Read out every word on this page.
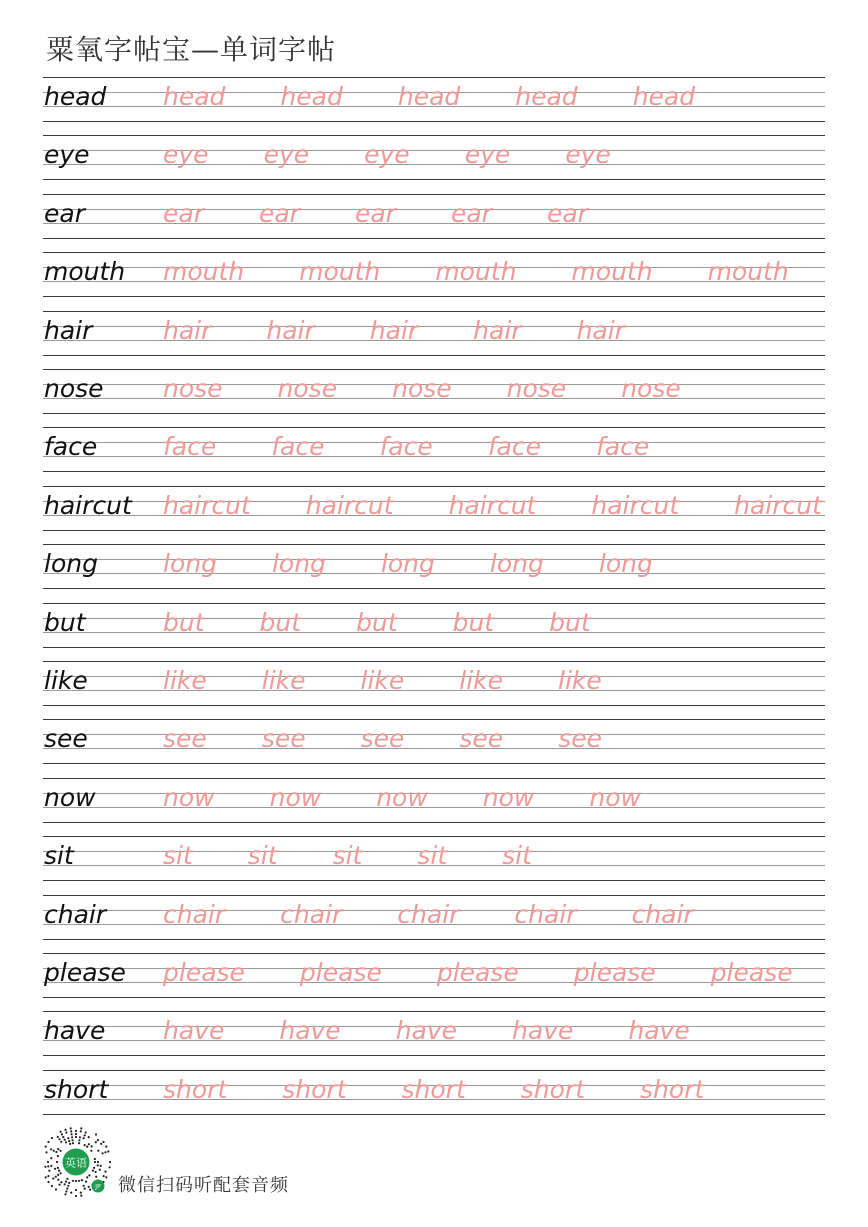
粟氧字帖宝—单词字帖
head head head head head head
eye	eye eye eye eye eye
ear	ear ear ear ear ear
mouth mouth mouth mouth mouth mouth
hair	hair hair hair hair hair
nose nose nose nose nose nose
face	face face face face face
haircut haircut haircut haircut haircut haircut
long	long long long long long
but	but but but but but
like	like like like like like
see	see see see see see
now	now now now now now
sit	sit sit sit sit sit
chair chair chair chair chair chair
please please please please please please
have have have have have have
short short short short short short
英语
JP 微信扫码听配套音频
